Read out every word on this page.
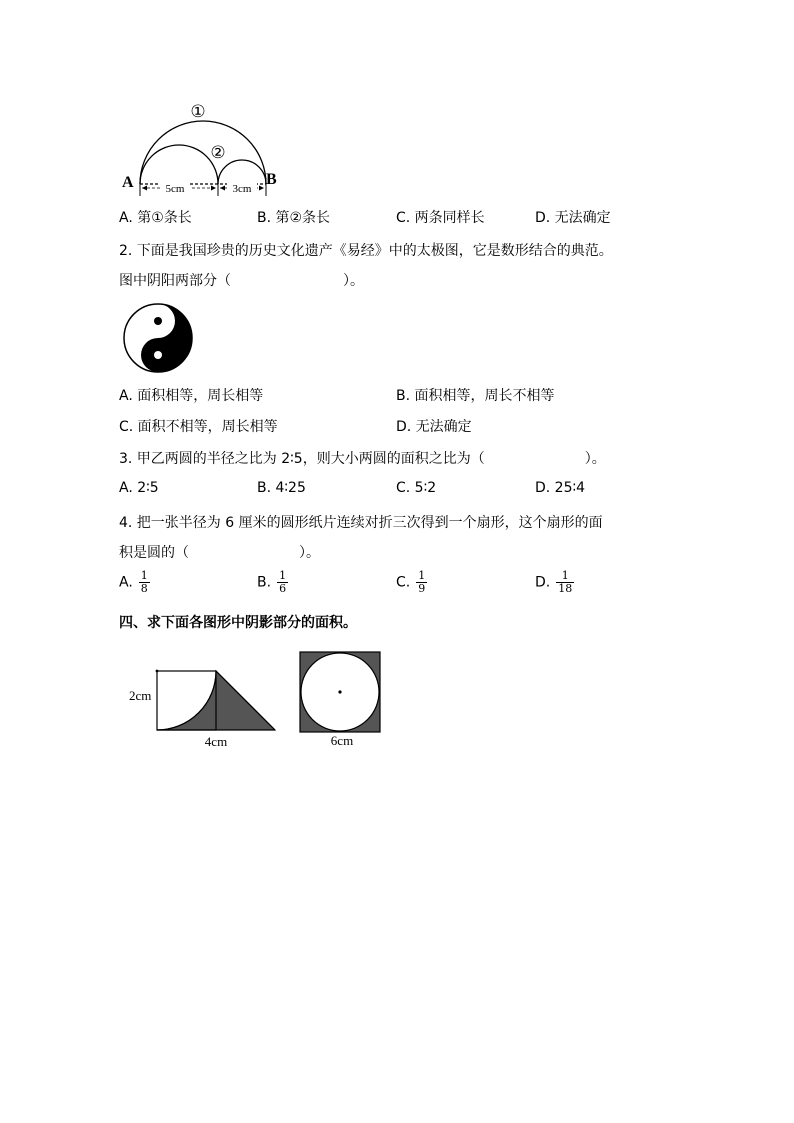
①
②
A	B
5cm	3cm
A. 第①条长	B. 第②条长	C. 两条同样长	D. 无法确定
2. 下面是我国珍贵的历史文化遗产《易经》中的太极图，它是数形结合的典范。
图中阴阳两部分（	）。
A. 面积相等，周长相等	B. 面积相等，周长不相等
C. 面积不相等，周长相等	D. 无法确定
3. 甲乙两圆的半径之比为 2∶5，则大小两圆的面积之比为（	）。
A. 2∶5	B. 4∶25	C. 5∶2	D. 25∶4
4. 把一张半径为 6 厘米的圆形纸片连续对折三次得到一个扇形，这个扇形的面
积是圆的（	）。
A. $\frac{1}{8}$	B. $\frac{1}{6}$	C. $\frac{1}{9}$	D. $\frac{1}{18}$
四、求下面各图形中阴影部分的面积。
2cm
4cm	6cm
